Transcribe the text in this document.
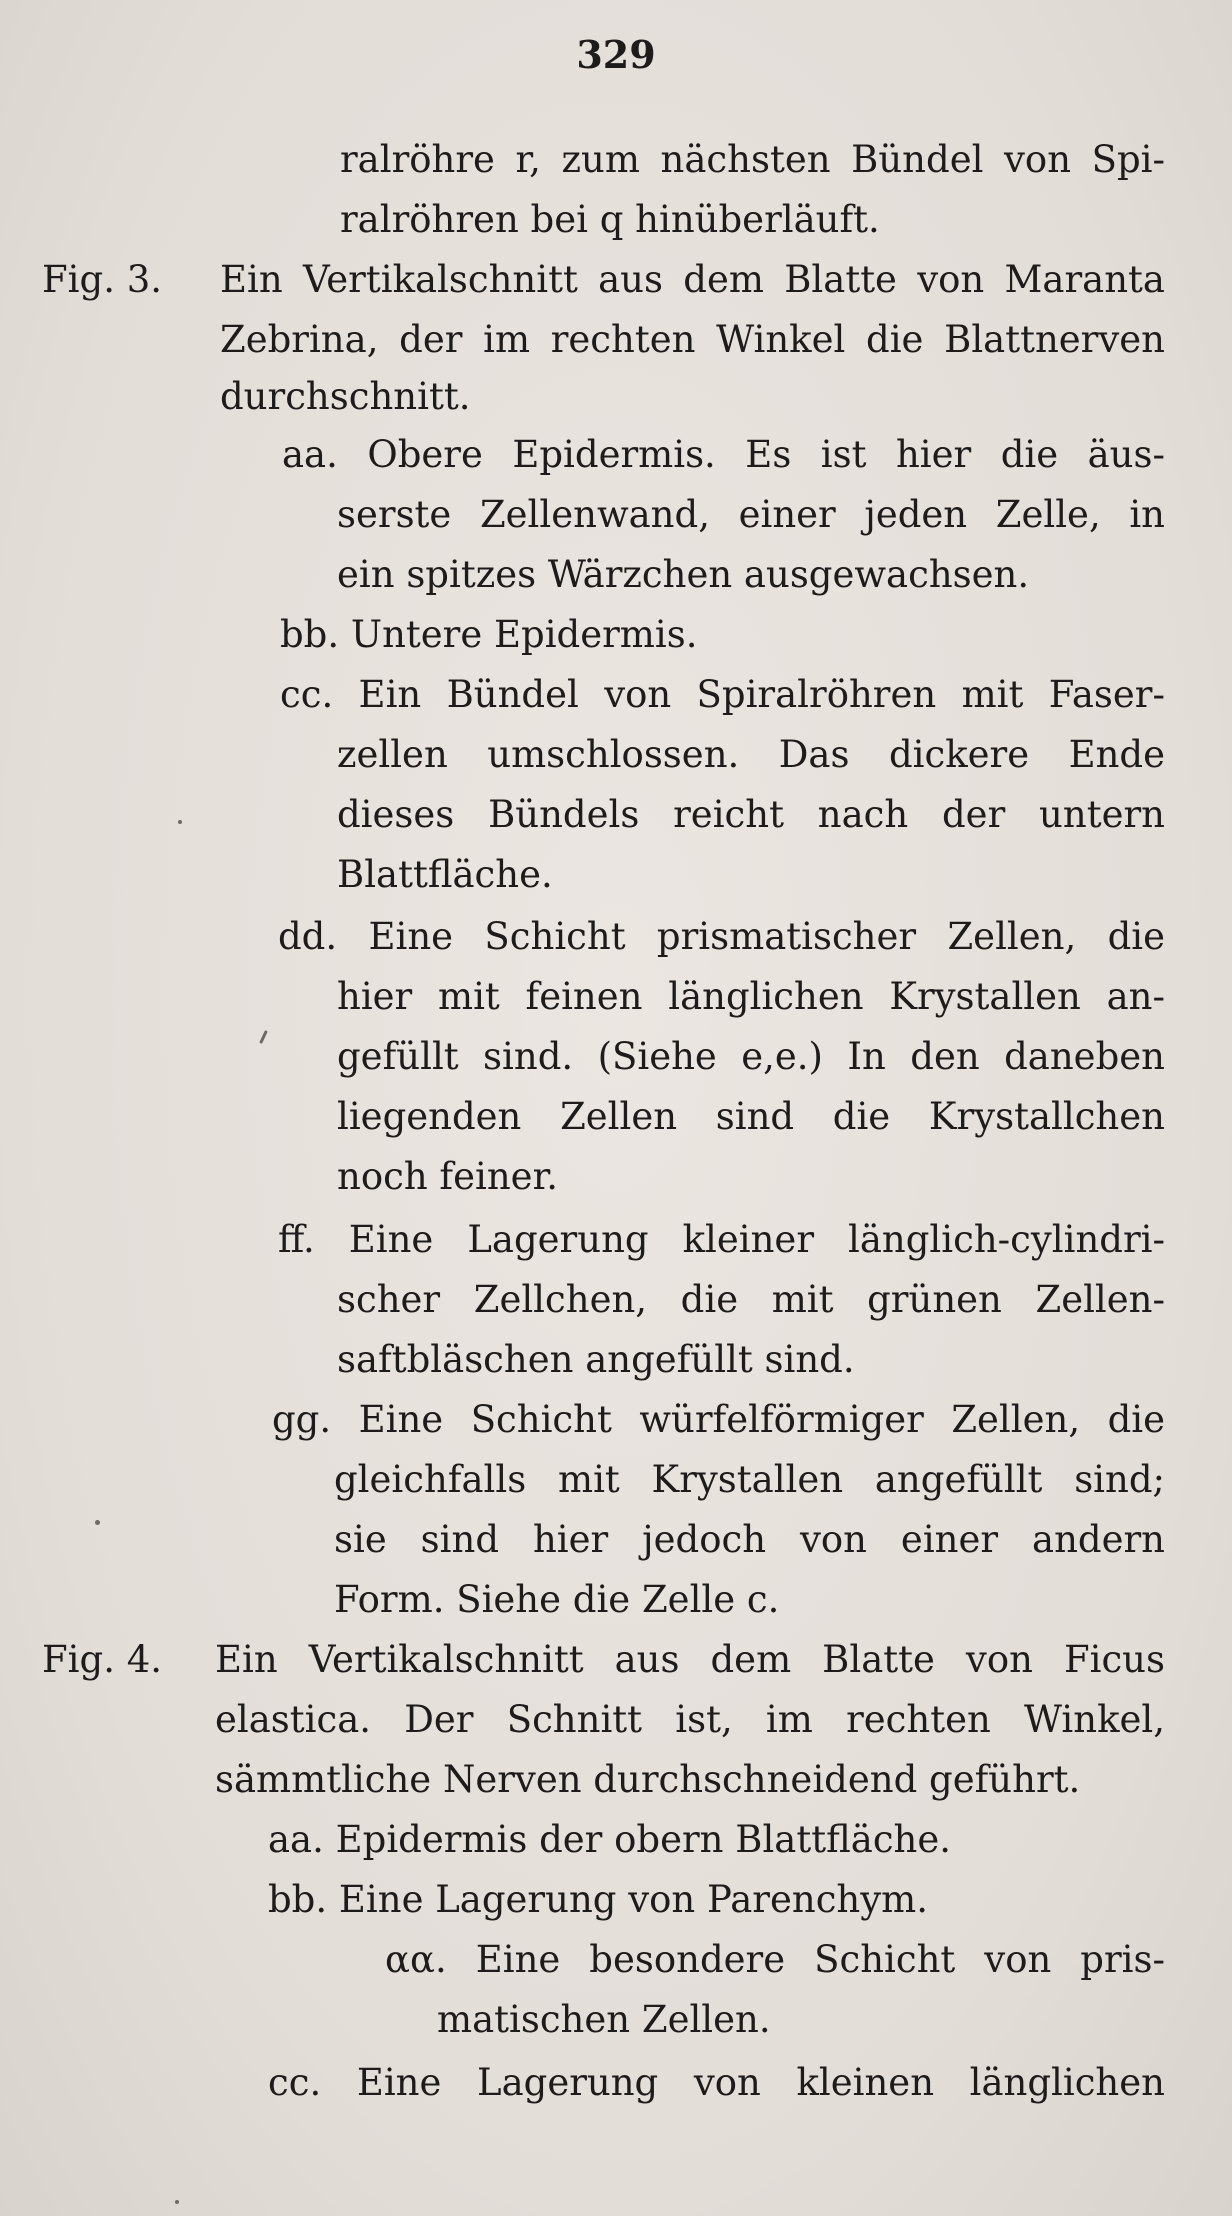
329
ralröhre r, zum nächsten Bündel von Spi-
ralröhren bei q hinüberläuft.
Fig. 3. Ein Vertikalschnitt aus dem Blatte von Maranta
Zebrina, der im rechten Winkel die Blattnerven
durchschnitt.
aa. Obere Epidermis. Es ist hier die äus-
serste Zellenwand, einer jeden Zelle, in
ein spitzes Wärzchen ausgewachsen.
bb. Untere Epidermis.
cc. Ein Bündel von Spiralröhren mit Faser-
zellen umschlossen. Das dickere Ende
dieses Bündels reicht nach der untern
Blattfläche.
dd. Eine Schicht prismatischer Zellen, die
hier mit feinen länglichen Krystallen an-
gefüllt sind. (Siehe e,e.) In den daneben
liegenden Zellen sind die Krystallchen
noch feiner.
ff. Eine Lagerung kleiner länglich-cylindri-
scher Zellchen, die mit grünen Zellen-
saftbläschen angefüllt sind.
gg. Eine Schicht würfelförmiger Zellen, die
gleichfalls mit Krystallen angefüllt sind;
sie sind hier jedoch von einer andern
Form. Siehe die Zelle c.
Fig. 4. Ein Vertikalschnitt aus dem Blatte von Ficus
elastica. Der Schnitt ist, im rechten Winkel,
sämmtliche Nerven durchschneidend geführt.
aa. Epidermis der obern Blattfläche.
bb. Eine Lagerung von Parenchym.
αα. Eine besondere Schicht von pris-
matischen Zellen.
cc. Eine Lagerung von kleinen länglichen
